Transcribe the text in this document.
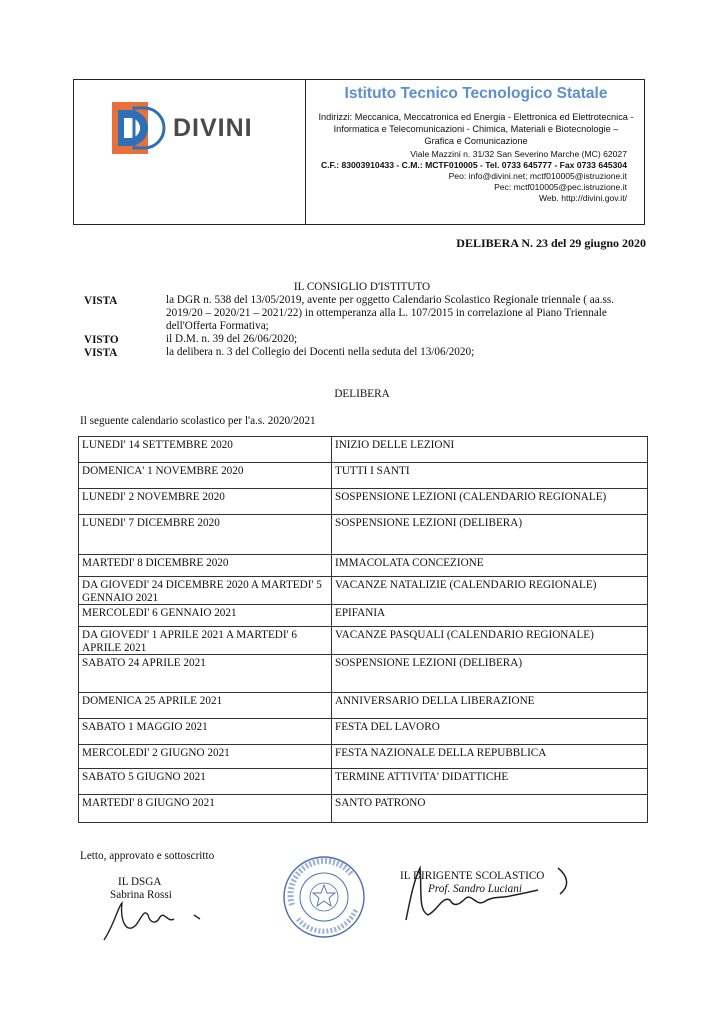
DIVINI
Istituto Tecnico Tecnologico Statale
Indirizzi: Meccanica, Meccatronica ed Energia - Elettronica ed Elettrotecnica -
Informatica e Telecomunicazioni - Chimica, Materiali e Biotecnologie –
Grafica e Comunicazione
Viale Mazzini n. 31/32 San Severino Marche (MC) 62027
C.F.: 83003910433 - C.M.: MCTF010005 - Tel. 0733 645777 - Fax 0733 645304
Peo: info@divini.net; mctf010005@istruzione.it
Pec: mctf010005@pec.istruzione.it
Web. http://divini.gov.it/
DELIBERA N. 23 del 29 giugno 2020
IL CONSIGLIO D'ISTITUTO
VISTA	la DGR n. 538 del 13/05/2019, avente per oggetto Calendario Scolastico Regionale triennale ( aa.ss.
2019/20 – 2020/21 – 2021/22) in ottemperanza alla L. 107/2015 in correlazione al Piano Triennale
dell'Offerta Formativa;
VISTO	il D.M. n. 39 del 26/06/2020;
VISTA	la delibera n. 3 del Collegio dei Docenti nella seduta del 13/06/2020;
DELIBERA
Il seguente calendario scolastico per l'a.s. 2020/2021
LUNEDI' 14 SETTEMBRE 2020	INIZIO DELLE LEZIONI
DOMENICA' 1 NOVEMBRE 2020	TUTTI I SANTI
LUNEDI' 2 NOVEMBRE 2020	SOSPENSIONE LEZIONI (CALENDARIO REGIONALE)
LUNEDI' 7 DICEMBRE 2020	SOSPENSIONE LEZIONI (DELIBERA)
MARTEDI' 8 DICEMBRE 2020	IMMACOLATA CONCEZIONE
DA GIOVEDI' 24 DICEMBRE 2020 A MARTEDI' 5 GENNAIO 2021	VACANZE NATALIZIE (CALENDARIO REGIONALE)
MERCOLEDI' 6 GENNAIO 2021	EPIFANIA
DA GIOVEDI' 1 APRILE 2021 A MARTEDI' 6 APRILE 2021	VACANZE PASQUALI (CALENDARIO REGIONALE)
SABATO 24 APRILE 2021	SOSPENSIONE LEZIONI (DELIBERA)
DOMENICA 25 APRILE 2021	ANNIVERSARIO DELLA LIBERAZIONE
SABATO 1 MAGGIO 2021	FESTA DEL LAVORO
MERCOLEDI' 2 GIUGNO 2021	FESTA NAZIONALE DELLA REPUBBLICA
SABATO 5 GIUGNO 2021	TERMINE ATTIVITA' DIDATTICHE
MARTEDI' 8 GIUGNO 2021	SANTO PATRONO
Letto, approvato e sottoscritto
IL DSGA
Sabrina Rossi
IL DIRIGENTE SCOLASTICO
Prof. Sandro Luciani
